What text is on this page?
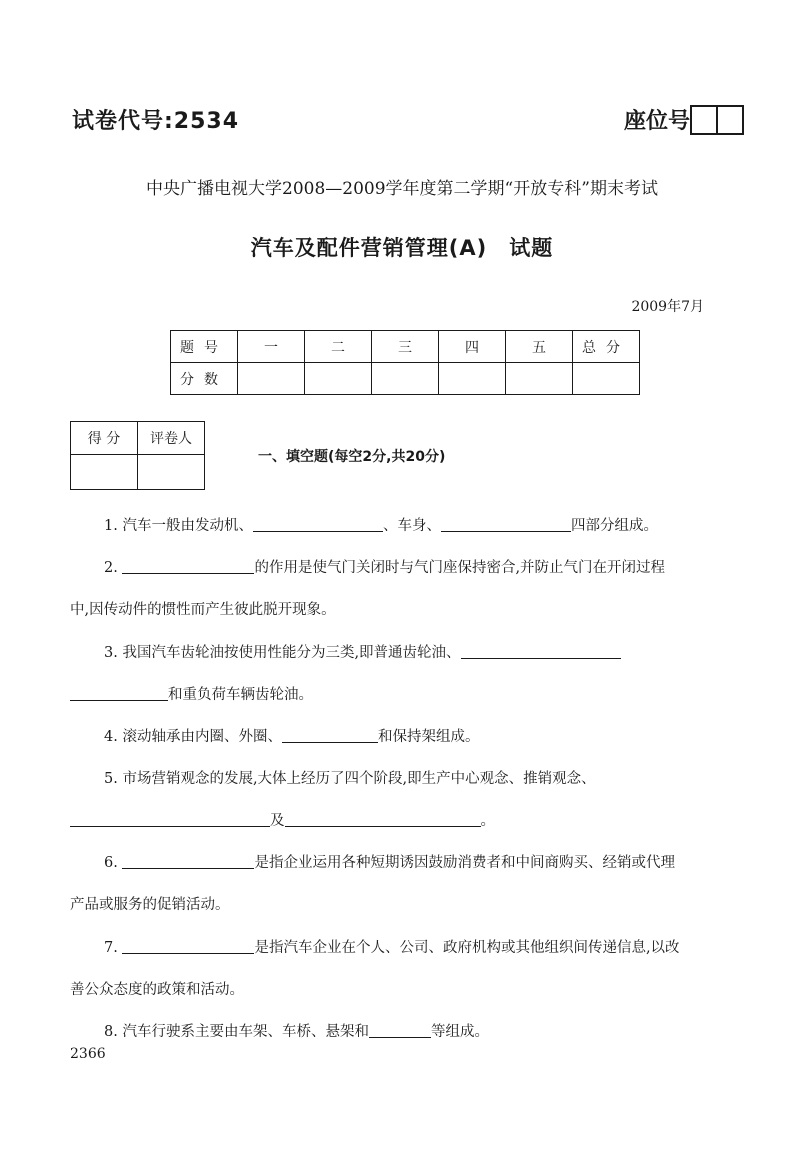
试卷代号:2534	座位号
中央广播电视大学2008—2009学年度第二学期“开放专科”期末考试
汽车及配件营销管理(A)　试题
2009年7月
题号	一	二	三	四	五	总分
分数						
得 分	评卷人

一、填空题(每空2分,共20分)
1. 汽车一般由发动机、	、车身、	四部分组成。
2.	的作用是使气门关闭时与气门座保持密合,并防止气门在开闭过程
中,因传动件的惯性而产生彼此脱开现象。
3. 我国汽车齿轮油按使用性能分为三类,即普通齿轮油、
和重负荷车辆齿轮油。
4. 滚动轴承由内圈、外圈、	和保持架组成。
5. 市场营销观念的发展,大体上经历了四个阶段,即生产中心观念、推销观念、
及	。
6.	是指企业运用各种短期诱因鼓励消费者和中间商购买、经销或代理
产品或服务的促销活动。
7.	是指汽车企业在个人、公司、政府机构或其他组织间传递信息,以改
善公众态度的政策和活动。
8. 汽车行驶系主要由车架、车桥、悬架和	等组成。
2366
